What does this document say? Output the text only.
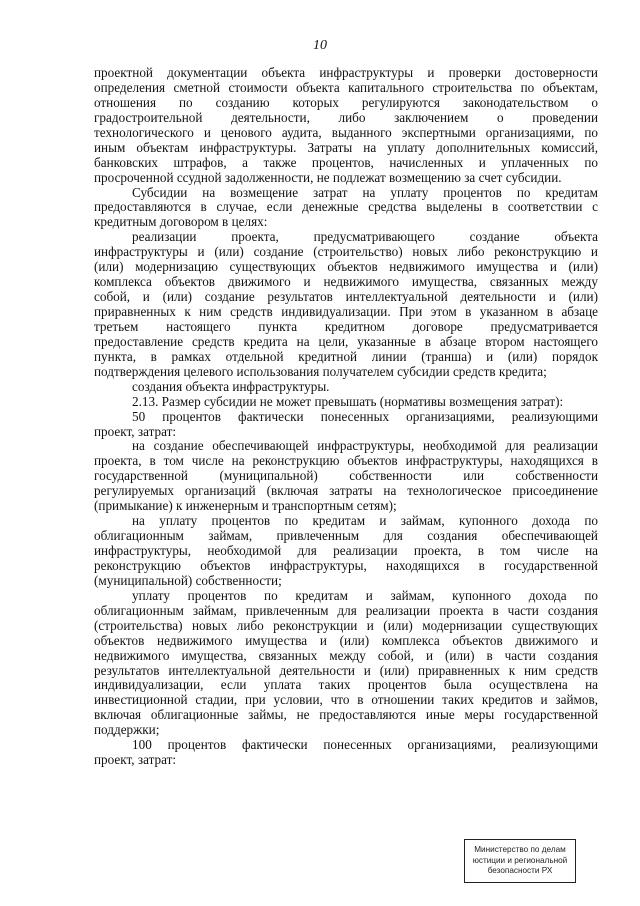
10
проектной документации объекта инфраструктуры и проверки достоверности
определения сметной стоимости объекта капитального строительства по объектам,
отношения по созданию которых регулируются законодательством о
градостроительной деятельности, либо заключением о проведении
технологического и ценового аудита, выданного экспертными организациями, по
иным объектам инфраструктуры. Затраты на уплату дополнительных комиссий,
банковских штрафов, а также процентов, начисленных и уплаченных по
просроченной ссудной задолженности, не подлежат возмещению за счет субсидии.
Субсидии на возмещение затрат на уплату процентов по кредитам
предоставляются в случае, если денежные средства выделены в соответствии с
кредитным договором в целях:
реализации проекта, предусматривающего создание объекта
инфраструктуры и (или) создание (строительство) новых либо реконструкцию и
(или) модернизацию существующих объектов недвижимого имущества и (или)
комплекса объектов движимого и недвижимого имущества, связанных между
собой, и (или) создание результатов интеллектуальной деятельности и (или)
приравненных к ним средств индивидуализации. При этом в указанном в абзаце
третьем настоящего пункта кредитном договоре предусматривается
предоставление средств кредита на цели, указанные в абзаце втором настоящего
пункта, в рамках отдельной кредитной линии (транша) и (или) порядок
подтверждения целевого использования получателем субсидии средств кредита;
создания объекта инфраструктуры.
2.13. Размер субсидии не может превышать (нормативы возмещения затрат):
50 процентов фактически понесенных организациями, реализующими
проект, затрат:
на создание обеспечивающей инфраструктуры, необходимой для реализации
проекта, в том числе на реконструкцию объектов инфраструктуры, находящихся в
государственной (муниципальной) собственности или собственности
регулируемых организаций (включая затраты на технологическое присоединение
(примыкание) к инженерным и транспортным сетям);
на уплату процентов по кредитам и займам, купонного дохода по
облигационным займам, привлеченным для создания обеспечивающей
инфраструктуры, необходимой для реализации проекта, в том числе на
реконструкцию объектов инфраструктуры, находящихся в государственной
(муниципальной) собственности;
уплату процентов по кредитам и займам, купонного дохода по
облигационным займам, привлеченным для реализации проекта в части создания
(строительства) новых либо реконструкции и (или) модернизации существующих
объектов недвижимого имущества и (или) комплекса объектов движимого и
недвижимого имущества, связанных между собой, и (или) в части создания
результатов интеллектуальной деятельности и (или) приравненных к ним средств
индивидуализации, если уплата таких процентов была осуществлена на
инвестиционной стадии, при условии, что в отношении таких кредитов и займов,
включая облигационные займы, не предоставляются иные меры государственной
поддержки;
100 процентов фактически понесенных организациями, реализующими
проект, затрат:
Министерство по делам
юстиции и региональной
безопасности РХ
